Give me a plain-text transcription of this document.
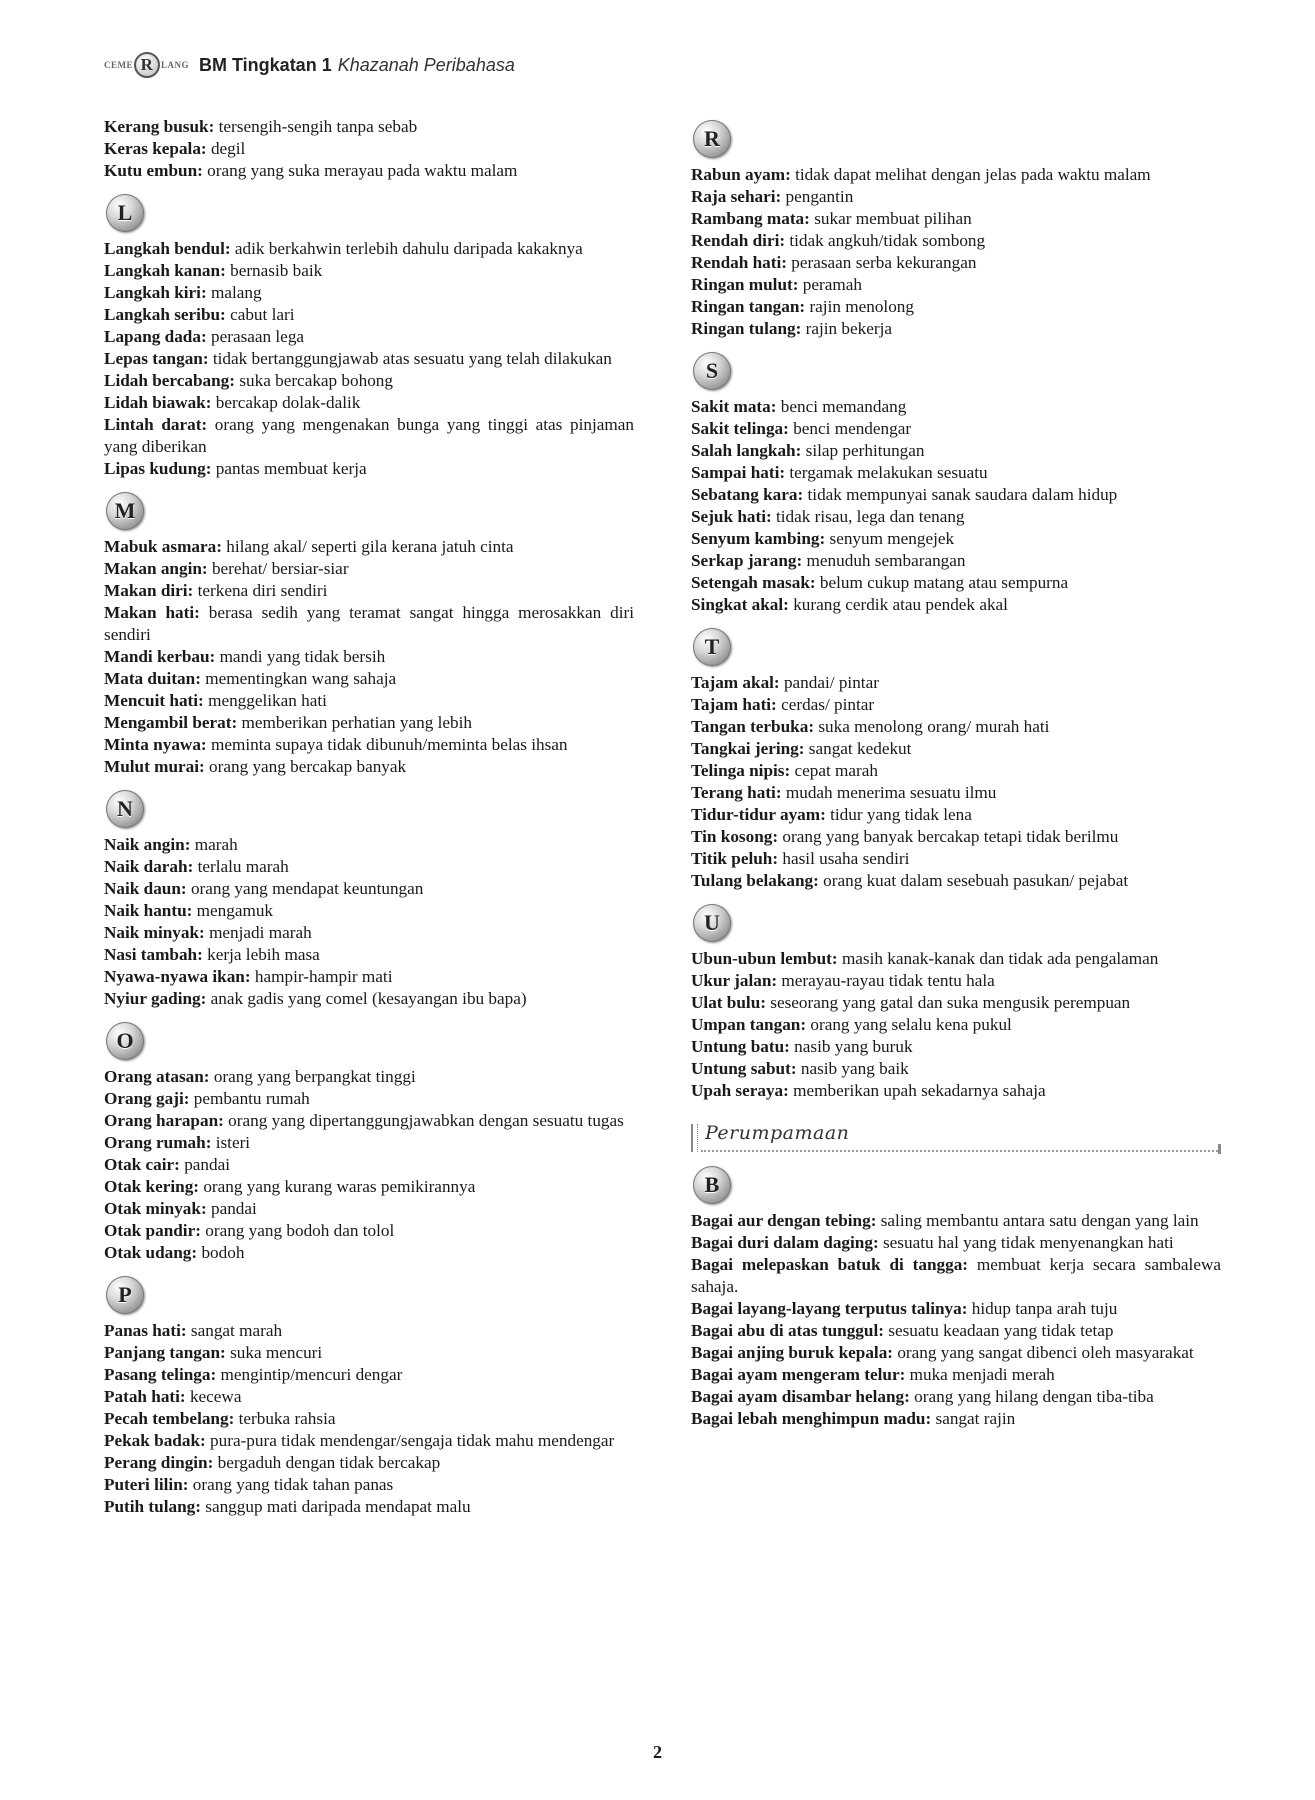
CEME R LANG BM Tingkatan 1 Khazanah Peribahasa

Kerang busuk: tersengih-sengih tanpa sebab

Keras kepala: degil

Kutu embun: orang yang suka merayau pada waktu malam

L

Langkah bendul: adik berkahwin terlebih dahulu daripada kakaknya

Langkah kanan: bernasib baik

Langkah kiri: malang

Langkah seribu: cabut lari

Lapang dada: perasaan lega

Lepas tangan: tidak bertanggungjawab atas sesuatu yang telah dilakukan

Lidah bercabang: suka bercakap bohong

Lidah biawak: bercakap dolak-dalik

Lintah darat: orang yang mengenakan bunga yang tinggi atas pinjaman yang diberikan

Lipas kudung: pantas membuat kerja

M

Mabuk asmara: hilang akal/ seperti gila kerana jatuh cinta

Makan angin: berehat/ bersiar-siar

Makan diri: terkena diri sendiri

Makan hati: berasa sedih yang teramat sangat hingga merosakkan diri sendiri

Mandi kerbau: mandi yang tidak bersih

Mata duitan: mementingkan wang sahaja

Mencuit hati: menggelikan hati

Mengambil berat: memberikan perhatian yang lebih

Minta nyawa: meminta supaya tidak dibunuh/meminta belas ihsan

Mulut murai: orang yang bercakap banyak

N

Naik angin: marah

Naik darah: terlalu marah

Naik daun: orang yang mendapat keuntungan

Naik hantu: mengamuk

Naik minyak: menjadi marah

Nasi tambah: kerja lebih masa

Nyawa-nyawa ikan: hampir-hampir mati

Nyiur gading: anak gadis yang comel (kesayangan ibu bapa)

O

Orang atasan: orang yang berpangkat tinggi

Orang gaji: pembantu rumah

Orang harapan: orang yang dipertanggungjawabkan dengan sesuatu tugas

Orang rumah: isteri

Otak cair: pandai

Otak kering: orang yang kurang waras pemikirannya

Otak minyak: pandai

Otak pandir: orang yang bodoh dan tolol

Otak udang: bodoh

P

Panas hati: sangat marah

Panjang tangan: suka mencuri

Pasang telinga: mengintip/mencuri dengar

Patah hati: kecewa

Pecah tembelang: terbuka rahsia

Pekak badak: pura-pura tidak mendengar/sengaja tidak mahu mendengar

Perang dingin: bergaduh dengan tidak bercakap

Puteri lilin: orang yang tidak tahan panas

Putih tulang: sanggup mati daripada mendapat malu

R

Rabun ayam: tidak dapat melihat dengan jelas pada waktu malam

Raja sehari: pengantin

Rambang mata: sukar membuat pilihan

Rendah diri: tidak angkuh/tidak sombong

Rendah hati: perasaan serba kekurangan

Ringan mulut: peramah

Ringan tangan: rajin menolong

Ringan tulang: rajin bekerja

S

Sakit mata: benci memandang

Sakit telinga: benci mendengar

Salah langkah: silap perhitungan

Sampai hati: tergamak melakukan sesuatu

Sebatang kara: tidak mempunyai sanak saudara dalam hidup

Sejuk hati: tidak risau, lega dan tenang

Senyum kambing: senyum mengejek

Serkap jarang: menuduh sembarangan

Setengah masak: belum cukup matang atau sempurna

Singkat akal: kurang cerdik atau pendek akal

T

Tajam akal: pandai/ pintar

Tajam hati: cerdas/ pintar

Tangan terbuka: suka menolong orang/ murah hati

Tangkai jering: sangat kedekut

Telinga nipis: cepat marah

Terang hati: mudah menerima sesuatu ilmu

Tidur-tidur ayam: tidur yang tidak lena

Tin kosong: orang yang banyak bercakap tetapi tidak berilmu

Titik peluh: hasil usaha sendiri

Tulang belakang: orang kuat dalam sesebuah pasukan/ pejabat

U

Ubun-ubun lembut: masih kanak-kanak dan tidak ada pengalaman

Ukur jalan: merayau-rayau tidak tentu hala

Ulat bulu: seseorang yang gatal dan suka mengusik perempuan

Umpan tangan: orang yang selalu kena pukul

Untung batu: nasib yang buruk

Untung sabut: nasib yang baik

Upah seraya: memberikan upah sekadarnya sahaja

Perumpamaan
B

Bagai aur dengan tebing: saling membantu antara satu dengan yang lain

Bagai duri dalam daging: sesuatu hal yang tidak menyenangkan hati

Bagai melepaskan batuk di tangga: membuat kerja secara sambalewa sahaja.

Bagai layang-layang terputus talinya: hidup tanpa arah tuju

Bagai abu di atas tunggul: sesuatu keadaan yang tidak tetap

Bagai anjing buruk kepala: orang yang sangat dibenci oleh masyarakat

Bagai ayam mengeram telur: muka menjadi merah

Bagai ayam disambar helang: orang yang hilang dengan tiba-tiba

Bagai lebah menghimpun madu: sangat rajin

2
